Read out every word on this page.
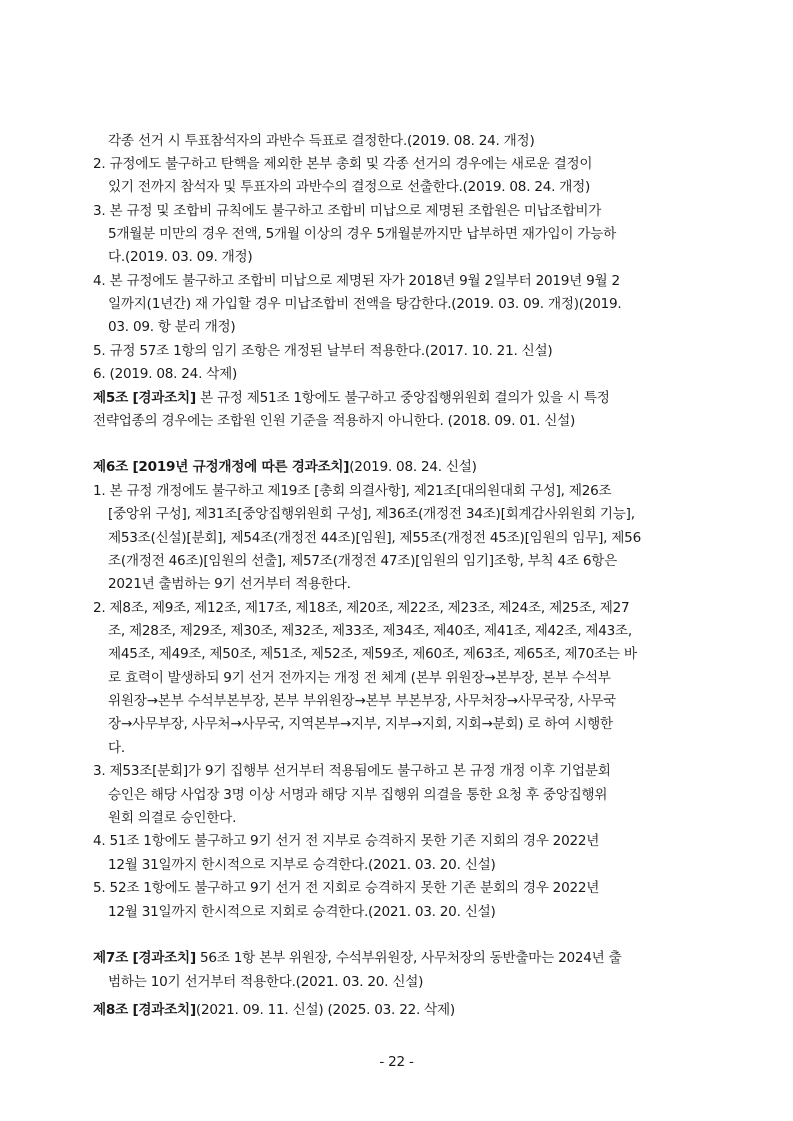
각종 선거 시 투표참석자의 과반수 득표로 결정한다.(2019. 08. 24. 개정)
2. 규정에도 불구하고 탄핵을 제외한 본부 총회 및 각종 선거의 경우에는 새로운 결정이
있기 전까지 참석자 및 투표자의 과반수의 결정으로 선출한다.(2019. 08. 24. 개정)
3. 본 규정 및 조합비 규칙에도 불구하고 조합비 미납으로 제명된 조합원은 미납조합비가
5개월분 미만의 경우 전액, 5개월 이상의 경우 5개월분까지만 납부하면 재가입이 가능하
다.(2019. 03. 09. 개정)
4. 본 규정에도 불구하고 조합비 미납으로 제명된 자가 2018년 9월 2일부터 2019년 9월 2
일까지(1년간) 재 가입할 경우 미납조합비 전액을 탕감한다.(2019. 03. 09. 개정)(2019.
03. 09. 항 분리 개정)
5. 규정 57조 1항의 임기 조항은 개정된 날부터 적용한다.(2017. 10. 21. 신설)
6. (2019. 08. 24. 삭제)
제5조 [경과조치] 본 규정 제51조 1항에도 불구하고 중앙집행위원회 결의가 있을 시 특정
전략업종의 경우에는 조합원 인원 기준을 적용하지 아니한다. (2018. 09. 01. 신설)
제6조 [2019년 규정개정에 따른 경과조치](2019. 08. 24. 신설)
1. 본 규정 개정에도 불구하고 제19조 [총회 의결사항], 제21조[대의원대회 구성], 제26조
[중앙위 구성], 제31조[중앙집행위원회 구성], 제36조(개정전 34조)[회계감사위원회 기능],
제53조(신설)[분회], 제54조(개정전 44조)[임원], 제55조(개정전 45조)[임원의 임무], 제56
조(개정전 46조)[임원의 선출], 제57조(개정전 47조)[임원의 임기]조항, 부칙 4조 6항은
2021년 출범하는 9기 선거부터 적용한다.
2. 제8조, 제9조, 제12조, 제17조, 제18조, 제20조, 제22조, 제23조, 제24조, 제25조, 제27
조, 제28조, 제29조, 제30조, 제32조, 제33조, 제34조, 제40조, 제41조, 제42조, 제43조,
제45조, 제49조, 제50조, 제51조, 제52조, 제59조, 제60조, 제63조, 제65조, 제70조는 바
로 효력이 발생하되 9기 선거 전까지는 개정 전 체계 (본부 위원장→본부장, 본부 수석부
위원장→본부 수석부본부장, 본부 부위원장→본부 부본부장, 사무처장→사무국장, 사무국
장→사무부장, 사무처→사무국, 지역본부→지부, 지부→지회, 지회→분회) 로 하여 시행한
다.
3. 제53조[분회]가 9기 집행부 선거부터 적용됨에도 불구하고 본 규정 개정 이후 기업분회
승인은 해당 사업장 3명 이상 서명과 해당 지부 집행위 의결을 통한 요청 후 중앙집행위
원회 의결로 승인한다.
4. 51조 1항에도 불구하고 9기 선거 전 지부로 승격하지 못한 기존 지회의 경우 2022년
12월 31일까지 한시적으로 지부로 승격한다.(2021. 03. 20. 신설)
5. 52조 1항에도 불구하고 9기 선거 전 지회로 승격하지 못한 기존 분회의 경우 2022년
12월 31일까지 한시적으로 지회로 승격한다.(2021. 03. 20. 신설)
제7조 [경과조치] 56조 1항 본부 위원장, 수석부위원장, 사무처장의 동반출마는 2024년 출
범하는 10기 선거부터 적용한다.(2021. 03. 20. 신설)
제8조 [경과조치](2021. 09. 11. 신설) (2025. 03. 22. 삭제)
- 22 -
